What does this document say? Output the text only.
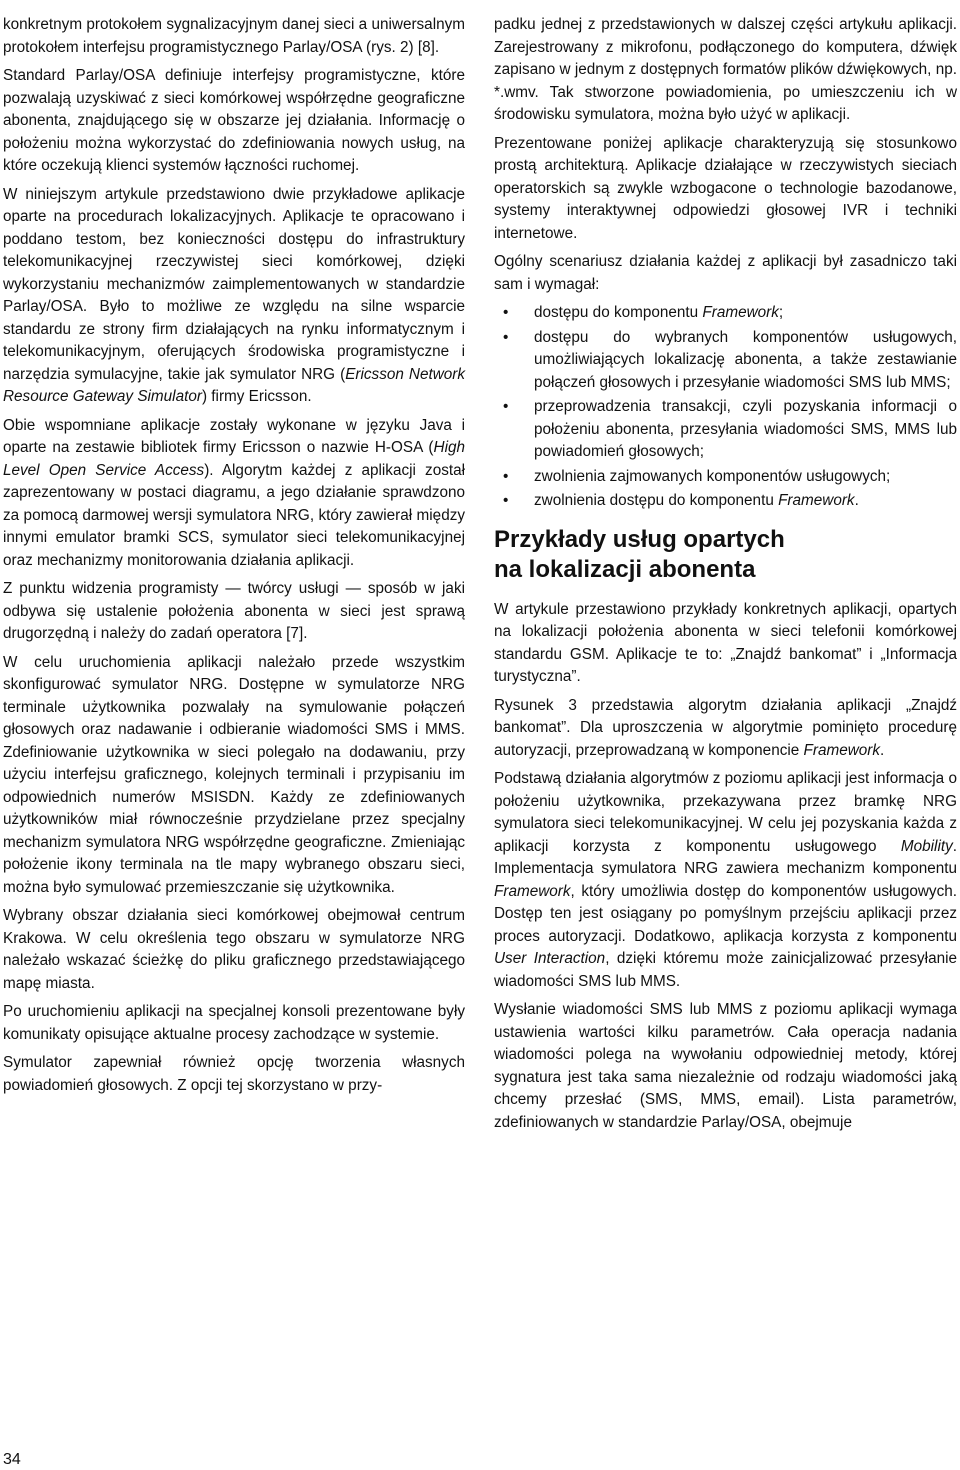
konkretnym protokołem sygnalizacyjnym danej sieci a uniwersalnym protokołem interfejsu programistycznego Parlay/OSA (rys. 2) [8].

Standard Parlay/OSA definiuje interfejsy programistyczne, które pozwalają uzyskiwać z sieci komórkowej współrzędne geograficzne abonenta, znajdującego się w obszarze jej działania. Informację o położeniu można wykorzystać do zdefiniowania nowych usług, na które oczekują klienci systemów łączności ruchomej.

W niniejszym artykule przedstawiono dwie przykładowe aplikacje oparte na procedurach lokalizacyjnych. Aplikacje te opracowano i poddano testom, bez konieczności dostępu do infrastruktury telekomunikacyjnej rzeczywistej sieci komórkowej, dzięki wykorzystaniu mechanizmów zaimplementowanych w standardzie Parlay/OSA. Było to możliwe ze względu na silne wsparcie standardu ze strony firm działających na rynku informatycznym i telekomunikacyjnym, oferujących środowiska programistyczne i narzędzia symulacyjne, takie jak symulator NRG (Ericsson Network Resource Gateway Simulator) firmy Ericsson.

Obie wspomniane aplikacje zostały wykonane w języku Java i oparte na zestawie bibliotek firmy Ericsson o nazwie H-OSA (High Level Open Service Access). Algorytm każdej z aplikacji został zaprezentowany w postaci diagramu, a jego działanie sprawdzono za pomocą darmowej wersji symulatora NRG, który zawierał między innymi emulator bramki SCS, symulator sieci telekomunikacyjnej oraz mechanizmy monitorowania działania aplikacji.

Z punktu widzenia programisty — twórcy usługi — sposób w jaki odbywa się ustalenie położenia abonenta w sieci jest sprawą drugorzędną i należy do zadań operatora [7].

W celu uruchomienia aplikacji należało przede wszystkim skonfigurować symulator NRG. Dostępne w symulatorze NRG terminale użytkownika pozwalały na symulowanie połączeń głosowych oraz nadawanie i odbieranie wiadomości SMS i MMS. Zdefiniowanie użytkownika w sieci polegało na dodawaniu, przy użyciu interfejsu graficznego, kolejnych terminali i przypisaniu im odpowiednich numerów MSISDN. Każdy ze zdefiniowanych użytkowników miał równocześnie przydzielane przez specjalny mechanizm symulatora NRG współrzędne geograficzne. Zmieniając położenie ikony terminala na tle mapy wybranego obszaru sieci, można było symulować przemieszczanie się użytkownika.

Wybrany obszar działania sieci komórkowej obejmował centrum Krakowa. W celu określenia tego obszaru w symulatorze NRG należało wskazać ścieżkę do pliku graficznego przedstawiającego mapę miasta.

Po uruchomieniu aplikacji na specjalnej konsoli prezentowane były komunikaty opisujące aktualne procesy zachodzące w systemie.

Symulator zapewniał również opcję tworzenia własnych powiadomień głosowych. Z opcji tej skorzystano w przy-

padku jednej z przedstawionych w dalszej części artykułu aplikacji. Zarejestrowany z mikrofonu, podłączonego do komputera, dźwięk zapisano w jednym z dostępnych formatów plików dźwiękowych, np. *.wmv. Tak stworzone powiadomienia, po umieszczeniu ich w środowisku symulatora, można było użyć w aplikacji.

Prezentowane poniżej aplikacje charakteryzują się stosunkowo prostą architekturą. Aplikacje działające w rzeczywistych sieciach operatorskich są zwykle wzbogacone o technologie bazodanowe, systemy interaktywnej odpowiedzi głosowej IVR i techniki internetowe.

Ogólny scenariusz działania każdej z aplikacji był zasadniczo taki sam i wymagał:

• dostępu do komponentu Framework;
• dostępu do wybranych komponentów usługowych, umożliwiających lokalizację abonenta, a także zestawianie połączeń głosowych i przesyłanie wiadomości SMS lub MMS;
• przeprowadzenia transakcji, czyli pozyskania informacji o położeniu abonenta, przesyłania wiadomości SMS, MMS lub powiadomień głosowych;
• zwolnienia zajmowanych komponentów usługowych;
• zwolnienia dostępu do komponentu Framework.
Przykłady usług opartych
na lokalizacji abonenta

W artykule przestawiono przykłady konkretnych aplikacji, opartych na lokalizacji położenia abonenta w sieci telefonii komórkowej standardu GSM. Aplikacje te to: „Znajdź bankomat” i „Informacja turystyczna”.

Rysunek 3 przedstawia algorytm działania aplikacji „Znajdź bankomat”. Dla uproszczenia w algorytmie pominięto procedurę autoryzacji, przeprowadzaną w komponencie Framework.

Podstawą działania algorytmów z poziomu aplikacji jest informacja o położeniu użytkownika, przekazywana przez bramkę NRG symulatora sieci telekomunikacyjnej. W celu jej pozyskania każda z aplikacji korzysta z komponentu usługowego Mobility. Implementacja symulatora NRG zawiera mechanizm komponentu Framework, który umożliwia dostęp do komponentów usługowych. Dostęp ten jest osiągany po pomyślnym przejściu aplikacji przez proces autoryzacji. Dodatkowo, aplikacja korzysta z komponentu User Interaction, dzięki któremu może zainicjalizować przesyłanie wiadomości SMS lub MMS.

Wysłanie wiadomości SMS lub MMS z poziomu aplikacji wymaga ustawienia wartości kilku parametrów. Cała operacja nadania wiadomości polega na wywołaniu odpowiedniej metody, której sygnatura jest taka sama niezależnie od rodzaju wiadomości jaką chcemy przesłać (SMS, MMS, email). Lista parametrów, zdefiniowanych w standardzie Parlay/OSA, obejmuje

34
